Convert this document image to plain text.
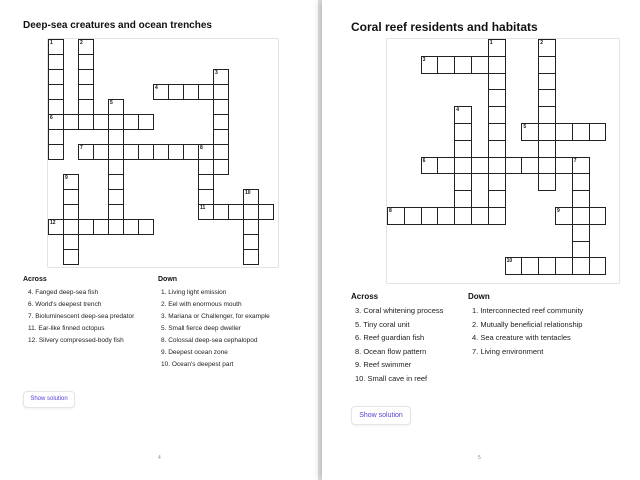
Deep-sea creatures and ocean trenches
1
6
2
3
4
5
7	8
9
10
11
12
Across
4. Fanged deep-sea fish
6. World's deepest trench
7. Bioluminescent deep-sea predator
11. Ear-like finned octopus
12. Silvery compressed-body fish
Down
1. Living light emission
2. Eel with enormous mouth
3. Mariana or Challenger, for example
5. Small fierce deep dweller
8. Colossal deep-sea cephalopod
9. Deepest ocean zone
10. Ocean's deepest part
Show solution
4
Coral reef residents and habitats
1	2
3
4
5
6	7
8	9
10
Across
3. Coral whitening process
5. Tiny coral unit
6. Reef guardian fish
8. Ocean flow pattern
9. Reef swimmer
10. Small cave in reef
Down
1. Interconnected reef community
2. Mutually beneficial relationship
4. Sea creature with tentacles
7. Living environment
Show solution
5
